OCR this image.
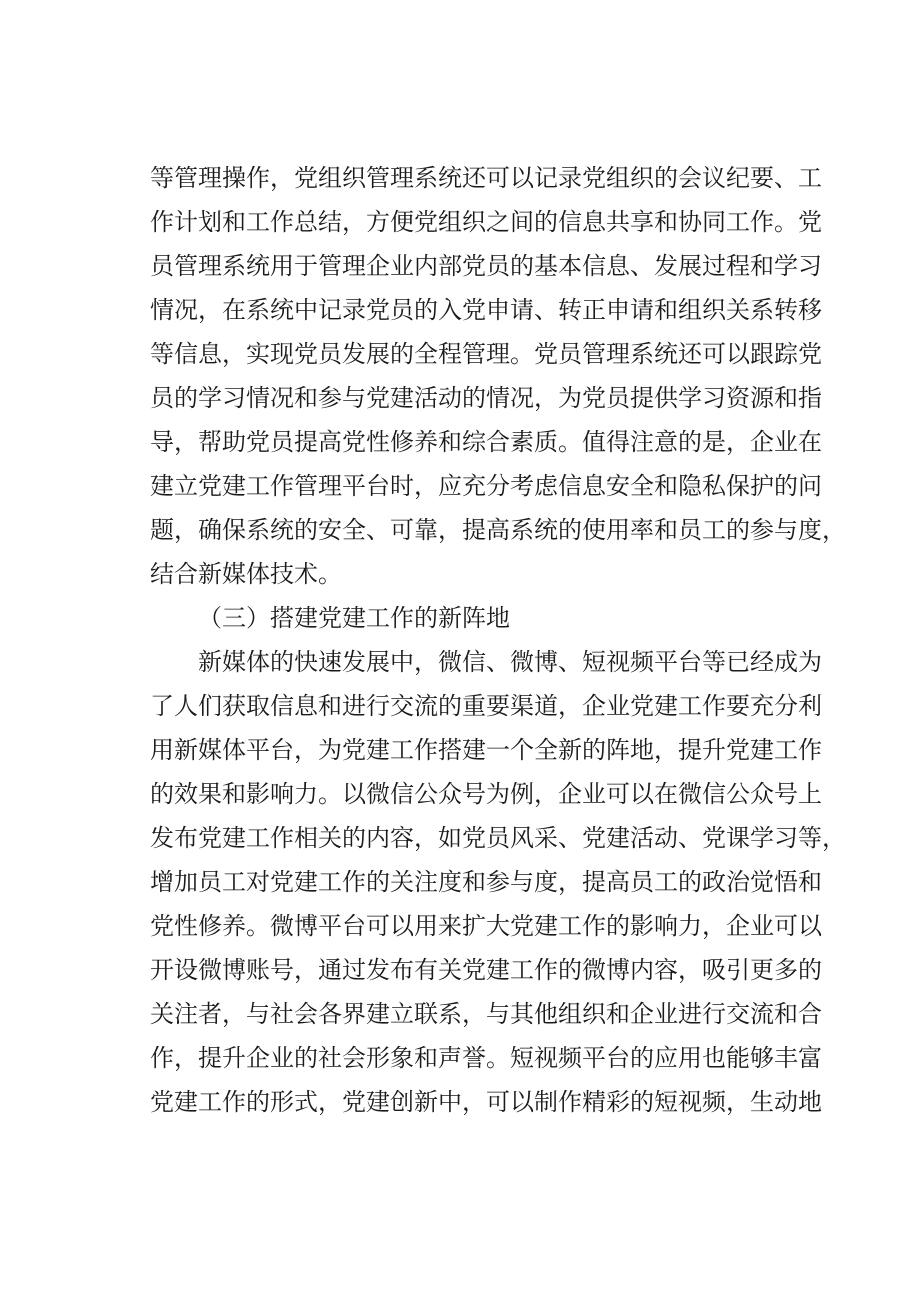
等管理操作，党组织管理系统还可以记录党组织的会议纪要、工
作计划和工作总结，方便党组织之间的信息共享和协同工作。党
员管理系统用于管理企业内部党员的基本信息、发展过程和学习
情况，在系统中记录党员的入党申请、转正申请和组织关系转移
等信息，实现党员发展的全程管理。党员管理系统还可以跟踪党
员的学习情况和参与党建活动的情况，为党员提供学习资源和指
导，帮助党员提高党性修养和综合素质。值得注意的是，企业在
建立党建工作管理平台时，应充分考虑信息安全和隐私保护的问
题，确保系统的安全、可靠，提高系统的使用率和员工的参与度，
结合新媒体技术。
（三）搭建党建工作的新阵地
新媒体的快速发展中，微信、微博、短视频平台等已经成为
了人们获取信息和进行交流的重要渠道，企业党建工作要充分利
用新媒体平台，为党建工作搭建一个全新的阵地，提升党建工作
的效果和影响力。以微信公众号为例，企业可以在微信公众号上
发布党建工作相关的内容，如党员风采、党建活动、党课学习等，
增加员工对党建工作的关注度和参与度，提高员工的政治觉悟和
党性修养。微博平台可以用来扩大党建工作的影响力，企业可以
开设微博账号，通过发布有关党建工作的微博内容，吸引更多的
关注者，与社会各界建立联系，与其他组织和企业进行交流和合
作，提升企业的社会形象和声誉。短视频平台的应用也能够丰富
党建工作的形式，党建创新中，可以制作精彩的短视频，生动地
